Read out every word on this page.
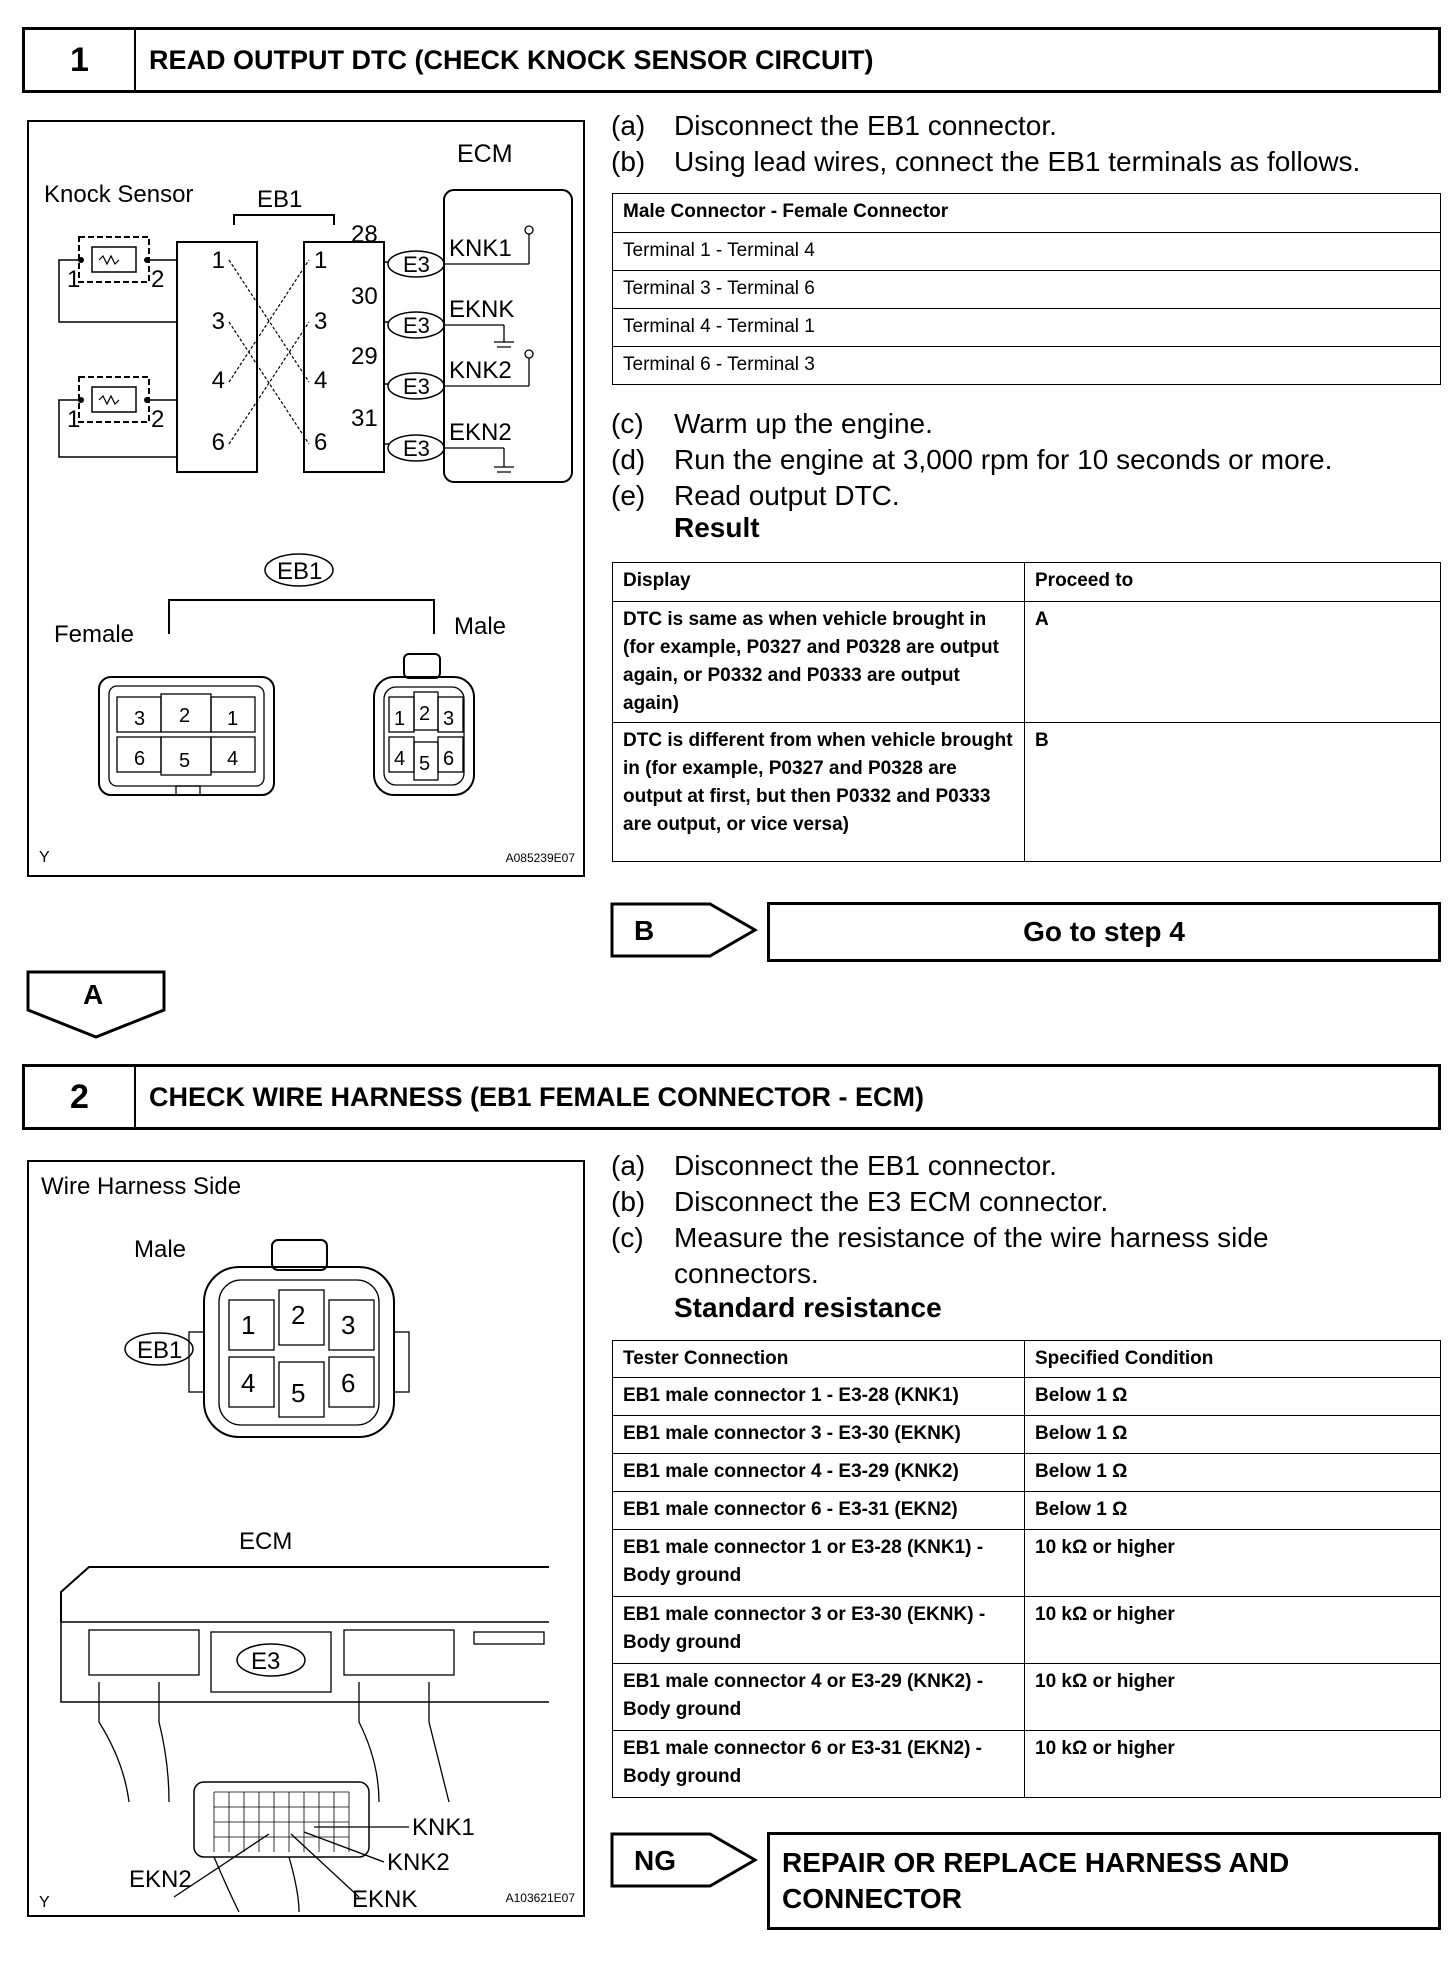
1	READ OUTPUT DTC (CHECK KNOCK SENSOR CIRCUIT)
ECM
Knock Sensor	EB1
1	2
1	2
1
3
4
6
1
3
4
6
28
E3
KNK1
30
E3
EKNK
29
E3
KNK2
31
E3
EKN2
EB1
Female	Male
3 2 1
6 5 4
1 2 3
4 5 6
Y	A085239E07
(a) Disconnect the EB1 connector.
(b) Using lead wires, connect the EB1 terminals as follows.
Male Connector - Female Connector
Terminal 1 - Terminal 4
Terminal 3 - Terminal 6
Terminal 4 - Terminal 1
Terminal 6 - Terminal 3
(c) Warm up the engine.
(d) Run the engine at 3,000 rpm for 10 seconds or more.
(e) Read output DTC.
Result
Display	Proceed to
DTC is same as when vehicle brought in (for example, P0327 and P0328 are output again, or P0332 and P0333 are output again)	A
DTC is different from when vehicle brought in (for example, P0327 and P0328 are output at first, but then P0332 and P0333 are output, or vice versa)	B
B	Go to step 4
A
2	CHECK WIRE HARNESS (EB1 FEMALE CONNECTOR - ECM)
Wire Harness Side
Male
EB1
1 2 3
4 5 6
ECM
E3
KNK1
KNK2
EKNK
EKN2
Y	A103621E07
(a) Disconnect the EB1 connector.
(b) Disconnect the E3 ECM connector.
(c) Measure the resistance of the wire harness side
connectors.
Standard resistance
Tester Connection	Specified Condition
EB1 male connector 1 - E3-28 (KNK1)	Below 1 Ω
EB1 male connector 3 - E3-30 (EKNK)	Below 1 Ω
EB1 male connector 4 - E3-29 (KNK2)	Below 1 Ω
EB1 male connector 6 - E3-31 (EKN2)	Below 1 Ω
EB1 male connector 1 or E3-28 (KNK1) - Body ground	10 kΩ or higher
EB1 male connector 3 or E3-30 (EKNK) - Body ground	10 kΩ or higher
EB1 male connector 4 or E3-29 (KNK2) - Body ground	10 kΩ or higher
EB1 male connector 6 or E3-31 (EKN2) - Body ground	10 kΩ or higher
NG	REPAIR OR REPLACE HARNESS AND CONNECTOR
